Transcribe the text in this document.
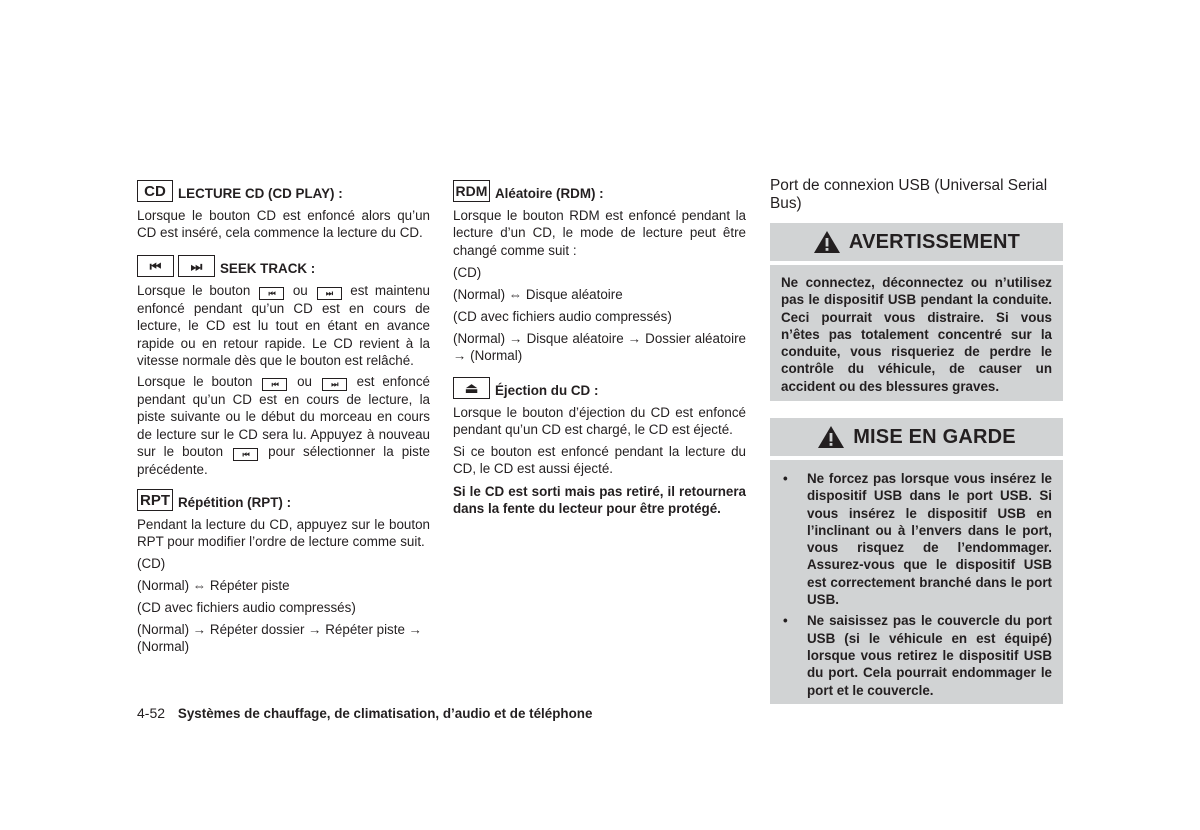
CD LECTURE CD (CD PLAY) :

Lorsque le bouton CD est enfoncé alors qu’un CD est inséré, cela commence la lecture du CD.

⏮	⏭	SEEK TRACK :

Lorsque le bouton ⏮ ou ⏭ est maintenu enfoncé pendant qu’un CD est en cours de lecture, le CD est lu tout en étant en avance rapide ou en retour rapide. Le CD revient à la vitesse normale dès que le bouton est relâché.

Lorsque le bouton ⏮ ou ⏭ est enfoncé pendant qu’un CD est en cours de lecture, la piste suivante ou le début du morceau en cours de lecture sur le CD sera lu. Appuyez à nouveau sur le bouton ⏮ pour sélectionner la piste précédente.

RPT Répétition (RPT) :

Pendant la lecture du CD, appuyez sur le bouton RPT pour modifier l’ordre de lecture comme suit.

(CD)

(Normal) ⇔ Répéter piste

(CD avec fichiers audio compressés)

(Normal) → Répéter dossier → Répéter piste → (Normal)

RDM Aléatoire (RDM) :

Lorsque le bouton RDM est enfoncé pendant la lecture d’un CD, le mode de lecture peut être changé comme suit :

(CD)

(Normal) ⇔ Disque aléatoire

(CD avec fichiers audio compressés)

(Normal) → Disque aléatoire → Dossier aléatoire → (Normal)

⏏	Éjection du CD :

Lorsque le bouton d’éjection du CD est enfoncé pendant qu’un CD est chargé, le CD est éjecté.

Si ce bouton est enfoncé pendant la lecture du CD, le CD est aussi éjecté.

Si le CD est sorti mais pas retiré, il retournera dans la fente du lecteur pour être protégé.

Port de connexion USB (Universal Serial Bus)

AVERTISSEMENT

Ne connectez, déconnectez ou n’utilisez pas le dispositif USB pendant la conduite. Ceci pourrait vous distraire. Si vous n’êtes pas totalement concentré sur la conduite, vous risqueriez de perdre le contrôle du véhicule, de causer un accident ou des blessures graves.

MISE EN GARDE
•	Ne forcez pas lorsque vous insérez le dispositif USB dans le port USB. Si vous insérez le dispositif USB en l’inclinant ou à l’envers dans le port, vous risquez de l’endommager. Assurez-vous que le dispositif USB est correctement branché dans le port USB.

•	Ne saisissez pas le couvercle du port USB (si le véhicule en est équipé) lorsque vous retirez le dispositif USB du port. Cela pourrait endommager le port et le couvercle.

4-52 Systèmes de chauffage, de climatisation, d’audio et de téléphone
